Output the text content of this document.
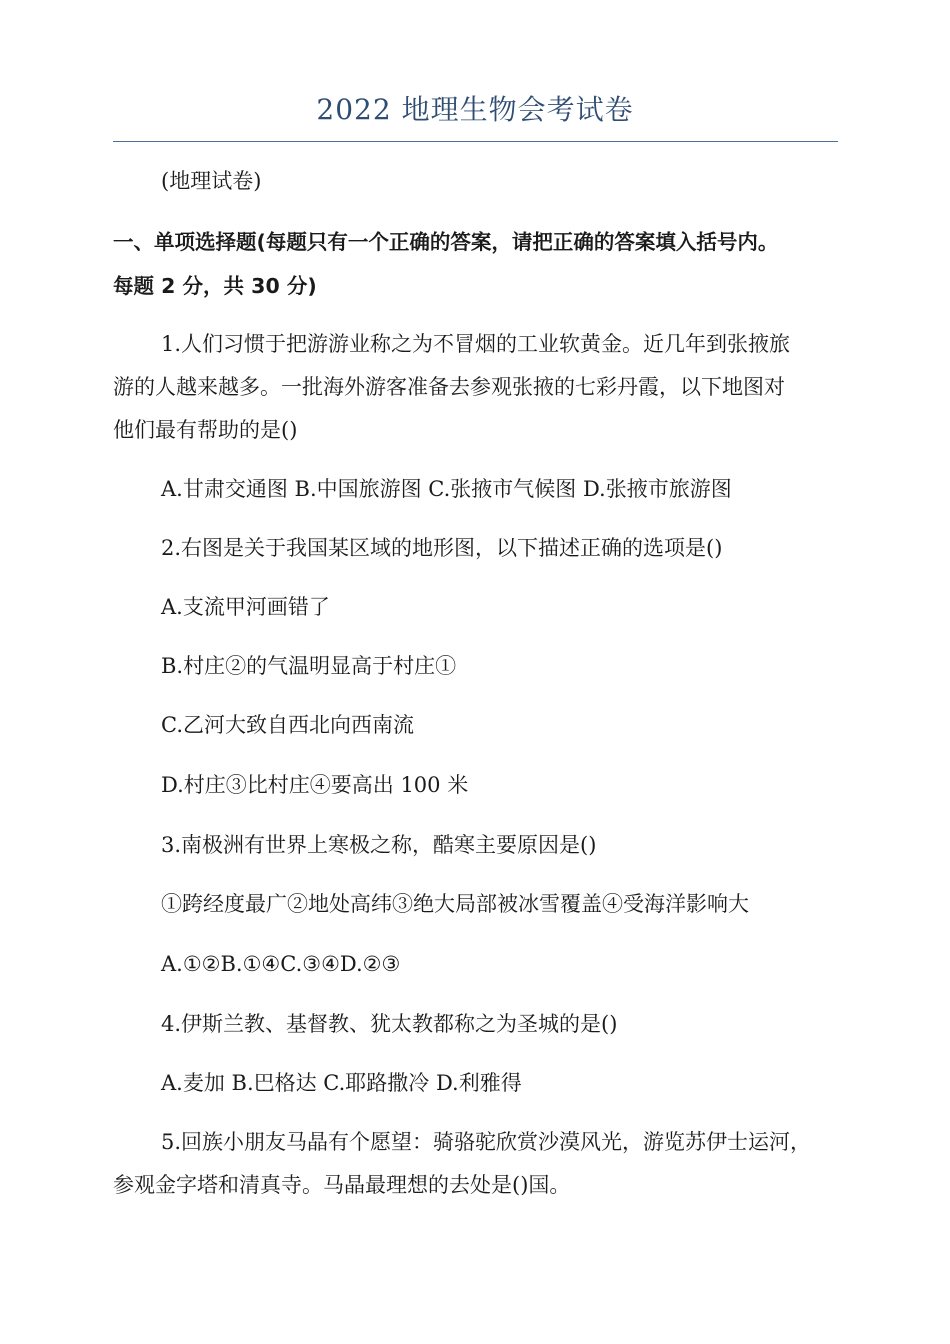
2022 地理生物会考试卷
(地理试卷)
一、单项选择题(每题只有一个正确的答案，请把正确的答案填入括号内。
每题 2 分，共 30 分)
1.人们习惯于把游游业称之为不冒烟的工业软黄金。近几年到张掖旅
游的人越来越多。一批海外游客准备去参观张掖的七彩丹霞，以下地图对
他们最有帮助的是()
A.甘肃交通图 B.中国旅游图 C.张掖市气候图 D.张掖市旅游图
2.右图是关于我国某区域的地形图，以下描述正确的选项是()
A.支流甲河画错了
B.村庄②的气温明显高于村庄①
C.乙河大致自西北向西南流
D.村庄③比村庄④要高出 100 米
3.南极洲有世界上寒极之称，酷寒主要原因是()
①跨经度最广②地处高纬③绝大局部被冰雪覆盖④受海洋影响大
A.①②B.①④C.③④D.②③
4.伊斯兰教、基督教、犹太教都称之为圣城的是()
A.麦加 B.巴格达 C.耶路撒冷 D.利雅得
5.回族小朋友马晶有个愿望：骑骆驼欣赏沙漠风光，游览苏伊士运河，
参观金字塔和清真寺。马晶最理想的去处是()国。
